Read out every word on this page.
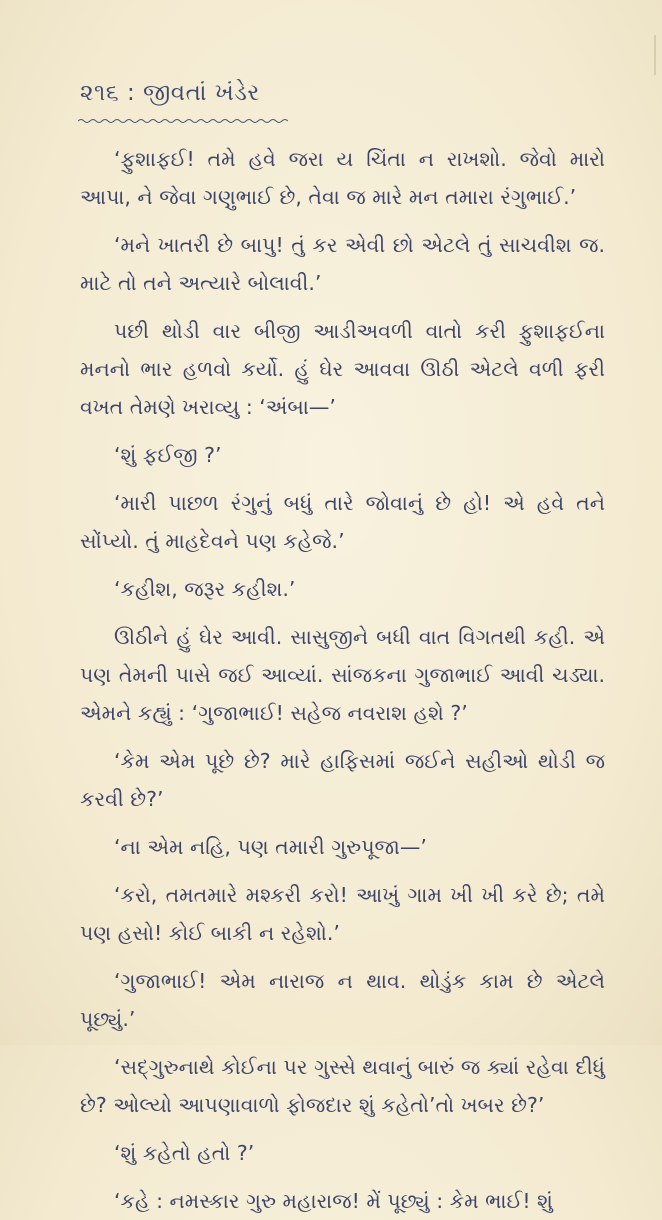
૨૧૬ : જીવતાં ખંડેર

‘ફુશાફઈ! તમે હવે જરા ય ચિંતા ન રાખશો. જેવો મારો આપા, ને જેવા ગણુભાઈ છે, તેવા જ મારે મન તમારા રંગુભાઈ.’

‘મને ખાતરી છે બાપુ! તું કર એવી છો એટલે તું સાચવીશ જ. માટે તો તને અત્યારે બોલાવી.’

પછી થોડી વાર બીજી આડીઅવળી વાતો કરી ફુશાફઈના મનનો ભાર હળવો કર્યો. હું ઘેર આવવા ઊઠી એટલે વળી ફરી વખત તેમણે ખરાવ્યુ : ‘અંબા—’

‘શું ફઈજી ?’

‘મારી પાછળ રંગુનું બધું તારે જોવાનું છે હો! એ હવે તને સોંપ્યો. તું માહદેવને પણ કહેજે.’

‘કહીશ, જરૂર કહીશ.’

ઊઠીને હું ઘેર આવી. સાસુજીને બધી વાત વિગતથી કહી. એ પણ તેમની પાસે જઈ આવ્યાં. સાંજકના ગુજાભાઈ આવી ચડ્યા. એમને કહ્યું : ‘ગુજાભાઈ! સહેજ નવરાશ હશે ?’

‘કેમ એમ પૂછે છે? મારે હાફિસમાં જઈને સહીઓ થોડી જ કરવી છે?’

‘ના એમ નહિ, પણ તમારી ગુરુપૂજા—’

‘કરો, તમતમારે મશ્કરી કરો! આખું ગામ ખી ખી કરે છે; તમે પણ હસો! કોઈ બાકી ન રહેશો.’

‘ગુજાભાઈ! એમ નારાજ ન થાવ. થોડુંક કામ છે એટલે પૂછ્યું.’

‘સદ્ગુરુનાથે કોઈના પર ગુસ્સે થવાનું બારું જ ક્યાં રહેવા દીધું છે? ઓલ્યો આપણાવાળો ફોજદાર શું કહેતો’તો ખબર છે?’

‘શું કહેતો હતો ?’

‘કહે : નમસ્કાર ગુરુ મહારાજ! મેં પૂછ્યું : કેમ ભાઈ! શું
